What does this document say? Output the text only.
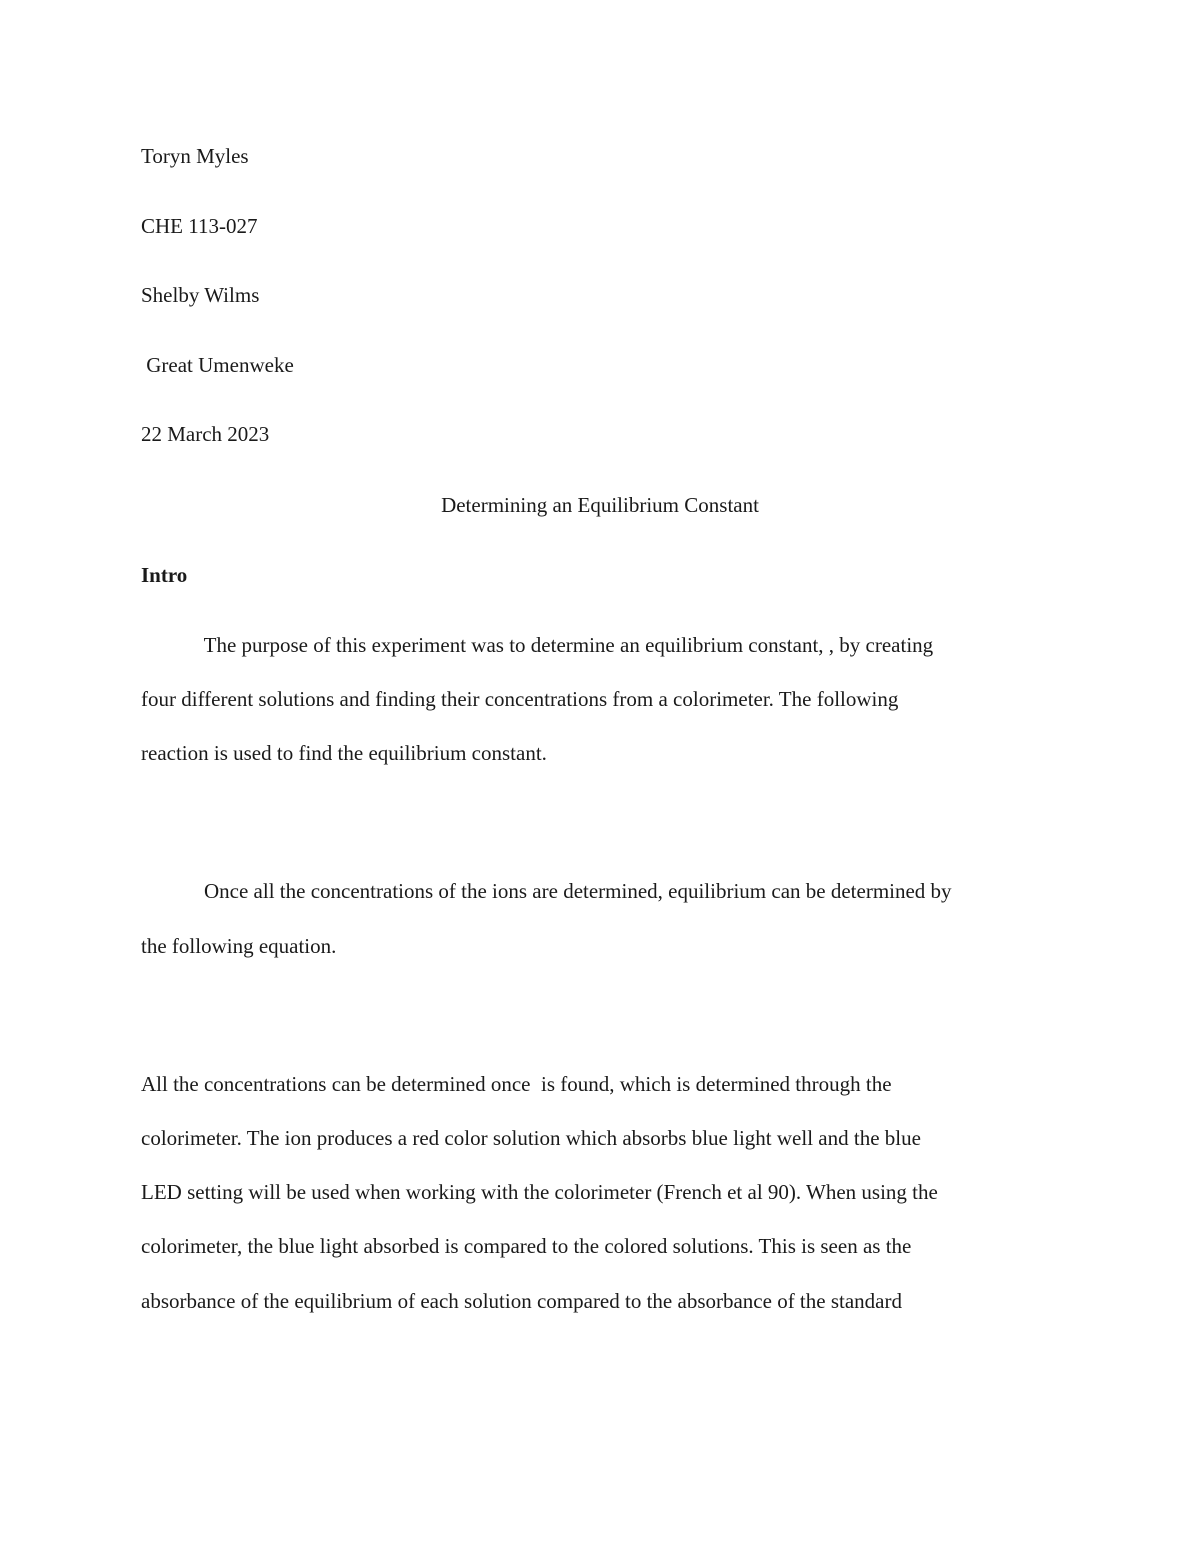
Toryn Myles

CHE 113-027

Shelby Wilms

Great Umenweke

22 March 2023

Determining an Equilibrium Constant

Intro

The purpose of this experiment was to determine an equilibrium constant, , by creating

four different solutions and finding their concentrations from a colorimeter. The following

reaction is used to find the equilibrium constant.

Once all the concentrations of the ions are determined, equilibrium can be determined by

the following equation.

All the concentrations can be determined once  is found, which is determined through the

colorimeter. The ion produces a red color solution which absorbs blue light well and the blue

LED setting will be used when working with the colorimeter (French et al 90). When using the

colorimeter, the blue light absorbed is compared to the colored solutions. This is seen as the

absorbance of the equilibrium of each solution compared to the absorbance of the standard
